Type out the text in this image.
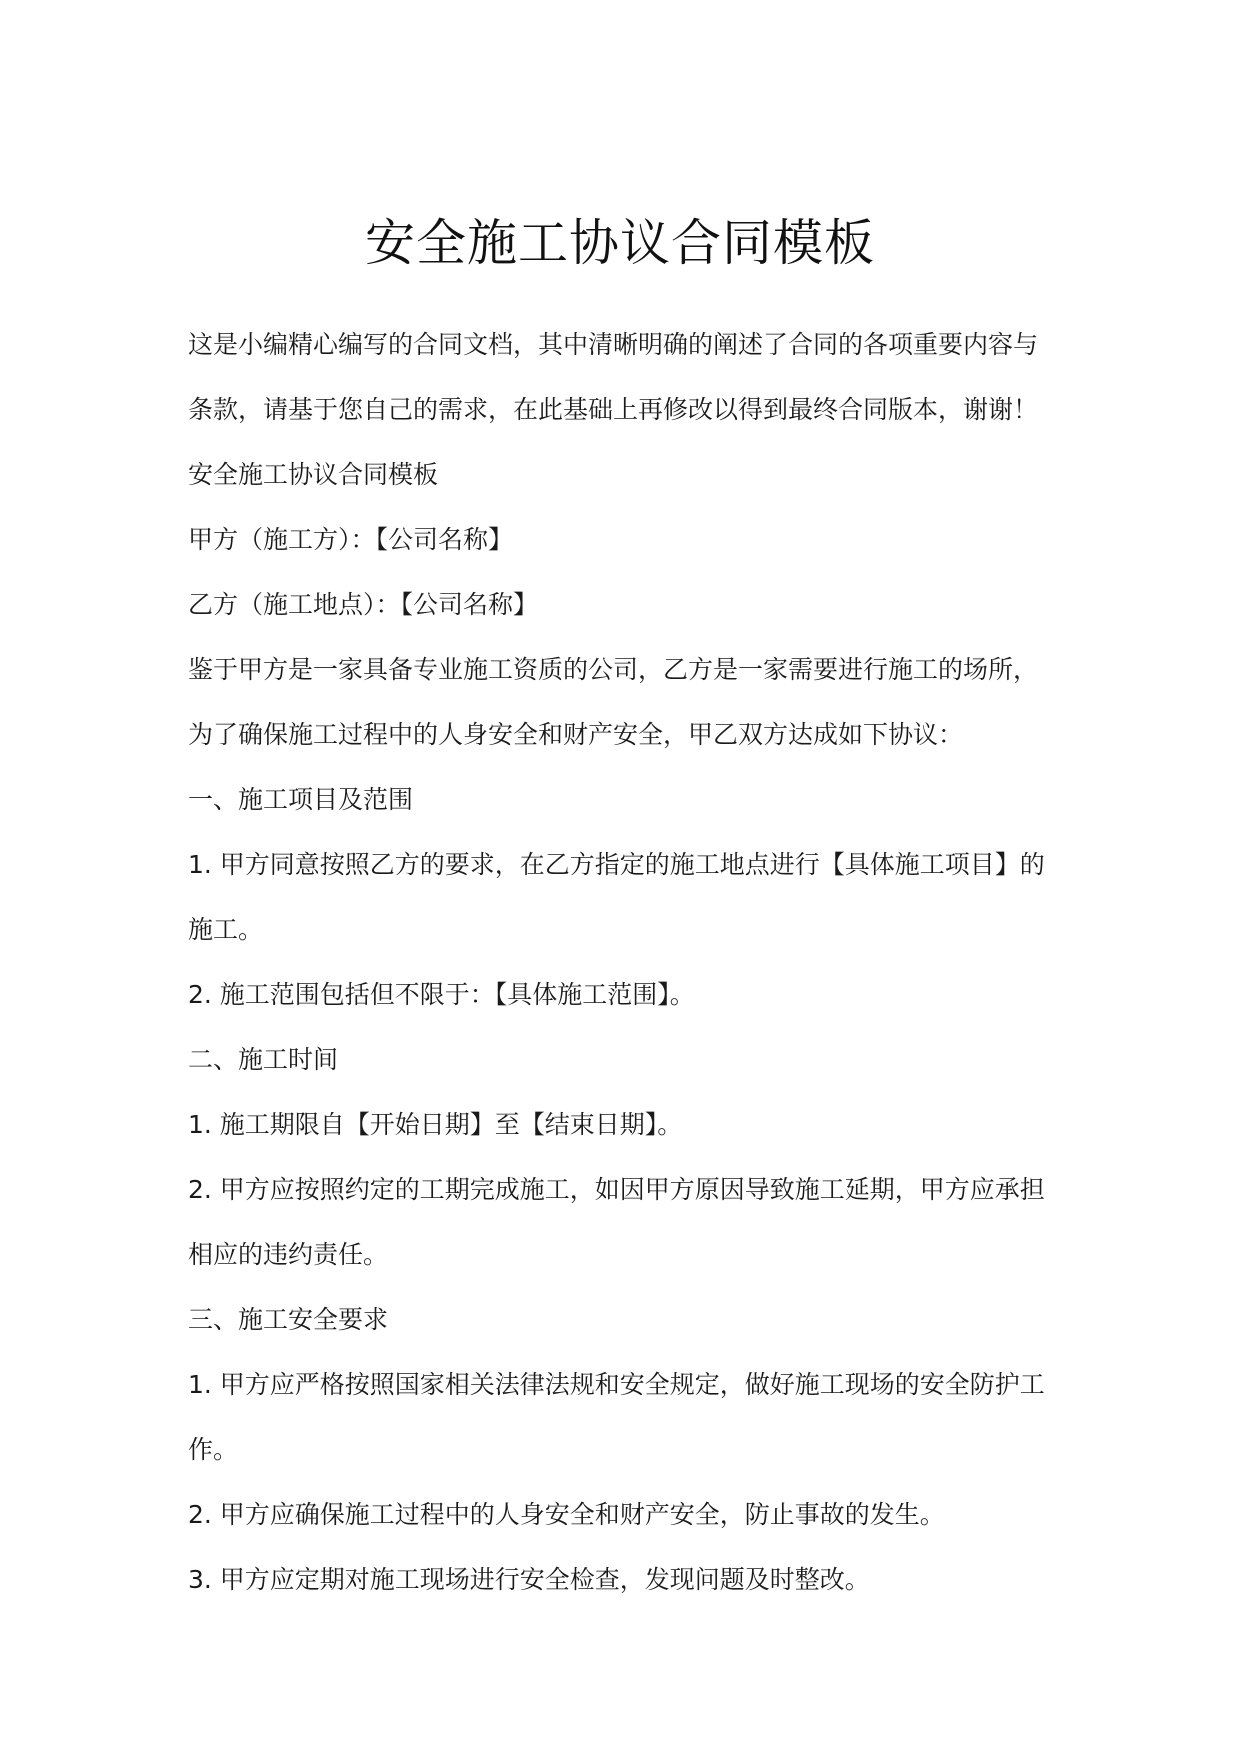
安全施工协议合同模板
这是小编精心编写的合同文档，其中清晰明确的阐述了合同的各项重要内容与
条款，请基于您自己的需求，在此基础上再修改以得到最终合同版本，谢谢！
安全施工协议合同模板
甲方（施工方）：【公司名称】
乙方（施工地点）：【公司名称】
鉴于甲方是一家具备专业施工资质的公司，乙方是一家需要进行施工的场所，
为了确保施工过程中的人身安全和财产安全，甲乙双方达成如下协议：
一、施工项目及范围
1. 甲方同意按照乙方的要求，在乙方指定的施工地点进行【具体施工项目】的
施工。
2. 施工范围包括但不限于：【具体施工范围】。
二、施工时间
1. 施工期限自【开始日期】至【结束日期】。
2. 甲方应按照约定的工期完成施工，如因甲方原因导致施工延期，甲方应承担
相应的违约责任。
三、施工安全要求
1. 甲方应严格按照国家相关法律法规和安全规定，做好施工现场的安全防护工
作。
2. 甲方应确保施工过程中的人身安全和财产安全，防止事故的发生。
3. 甲方应定期对施工现场进行安全检查，发现问题及时整改。
